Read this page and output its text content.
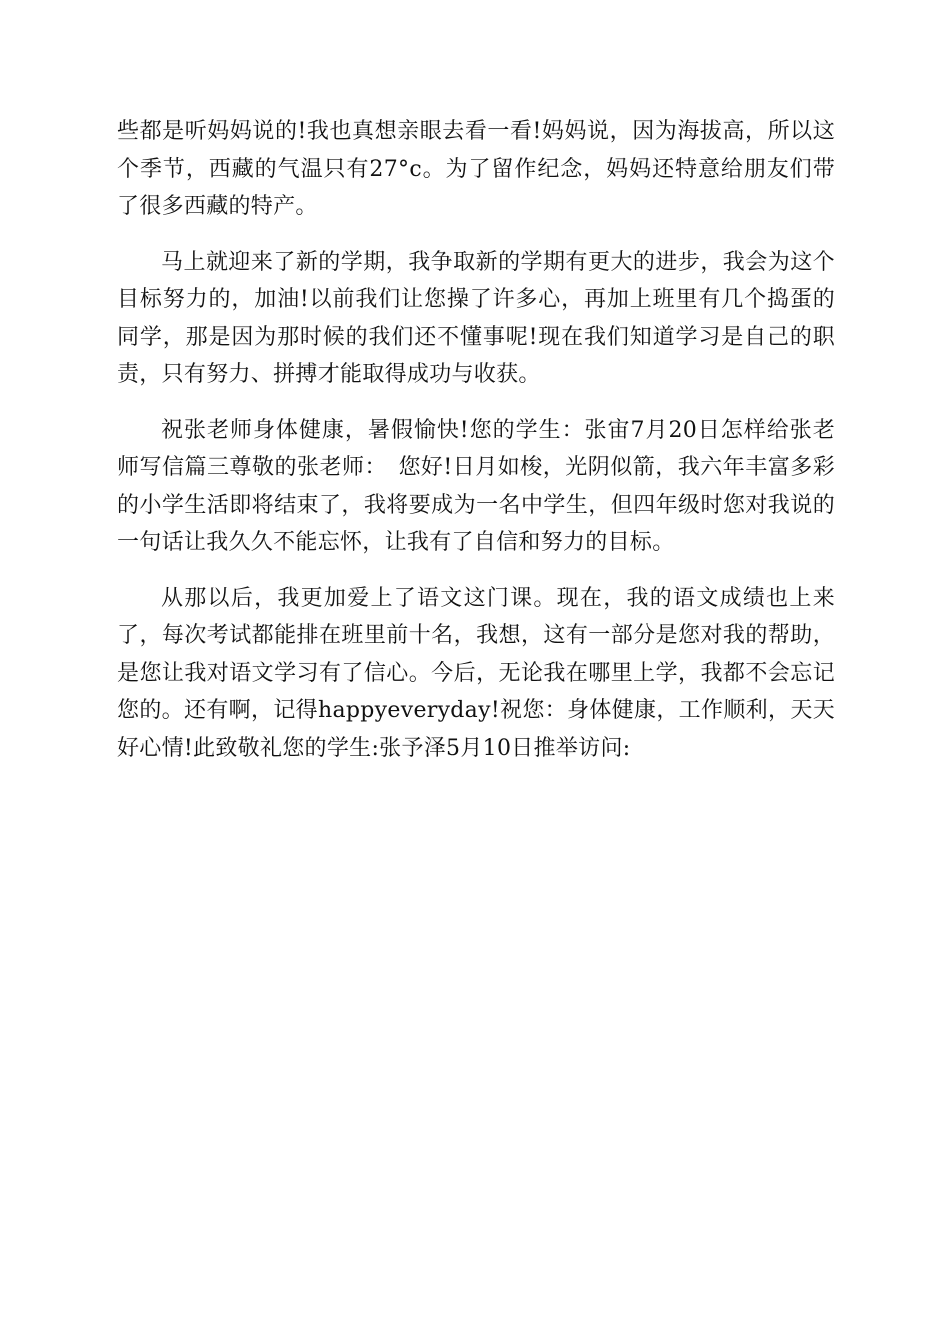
些都是听妈妈说的!我也真想亲眼去看一看!妈妈说，因为海拔高，所以这个季节，西藏的气温只有27°c。为了留作纪念，妈妈还特意给朋友们带了很多西藏的特产。

马上就迎来了新的学期，我争取新的学期有更大的进步，我会为这个目标努力的，加油!以前我们让您操了许多心，再加上班里有几个捣蛋的同学，那是因为那时候的我们还不懂事呢!现在我们知道学习是自己的职责，只有努力、拼搏才能取得成功与收获。

祝张老师身体健康，暑假愉快!您的学生：张宙7月20日怎样给张老师写信篇三尊敬的张老师：　您好!日月如梭，光阴似箭，我六年丰富多彩的小学生活即将结束了，我将要成为一名中学生，但四年级时您对我说的一句话让我久久不能忘怀，让我有了自信和努力的目标。

从那以后，我更加爱上了语文这门课。现在，我的语文成绩也上来了，每次考试都能排在班里前十名，我想，这有一部分是您对我的帮助，是您让我对语文学习有了信心。今后，无论我在哪里上学，我都不会忘记您的。还有啊，记得happyeveryday!祝您：身体健康，工作顺利，天天好心情!此致敬礼您的学生:张予泽5月10日推举访问:
